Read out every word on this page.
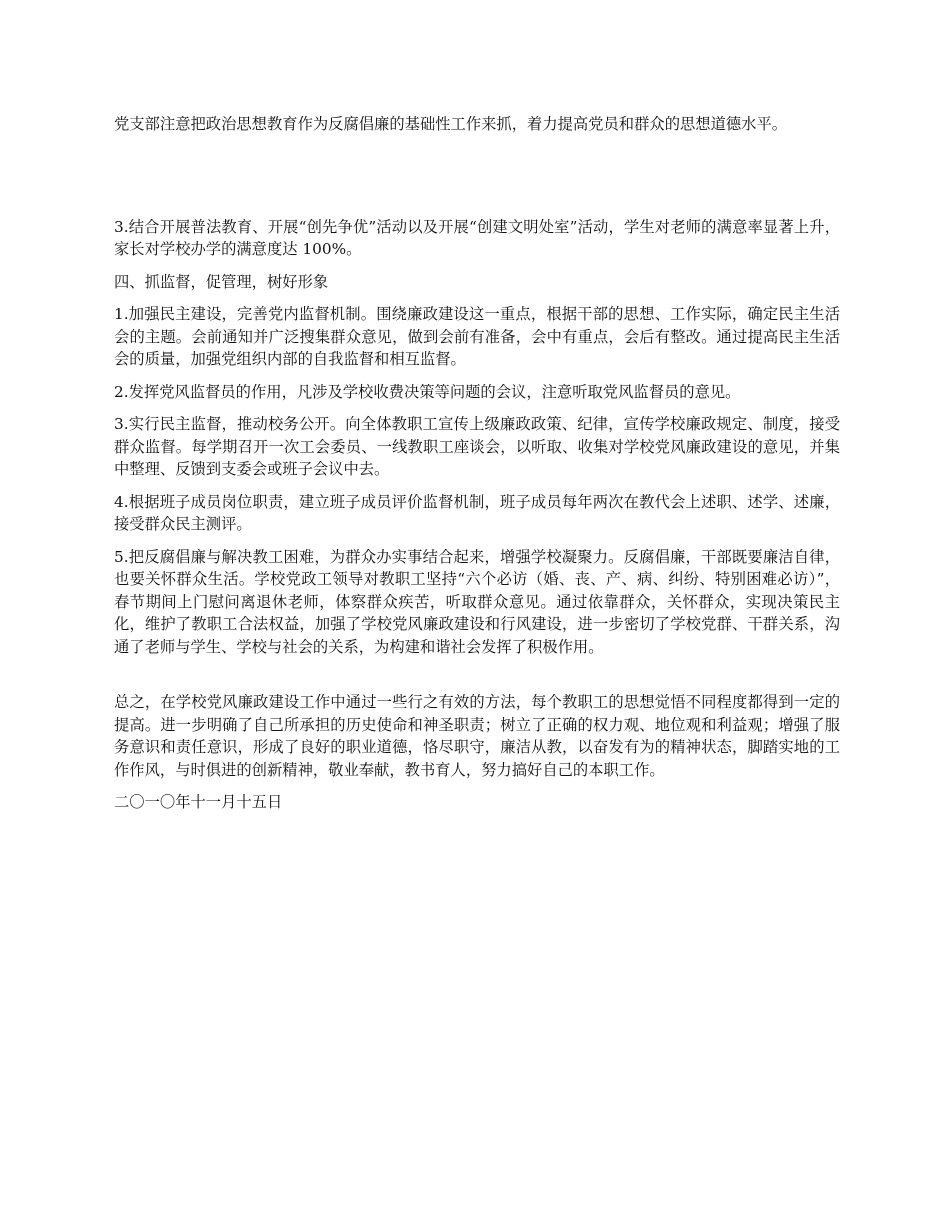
党支部注意把政治思想教育作为反腐倡廉的基础性工作来抓，着力提高党员和群众的思想道德水平。

3.结合开展普法教育、开展“创先争优”活动以及开展“创建文明处室”活动，学生对老师的满意率显著上升，家长对学校办学的满意度达 100%。

四、抓监督，促管理，树好形象

1.加强民主建设，完善党内监督机制。围绕廉政建设这一重点，根据干部的思想、工作实际，确定民主生活会的主题。会前通知并广泛搜集群众意见，做到会前有准备，会中有重点，会后有整改。通过提高民主生活会的质量，加强党组织内部的自我监督和相互监督。

2.发挥党风监督员的作用，凡涉及学校收费决策等问题的会议，注意听取党风监督员的意见。

3.实行民主监督，推动校务公开。向全体教职工宣传上级廉政政策、纪律，宣传学校廉政规定、制度，接受群众监督。每学期召开一次工会委员、一线教职工座谈会，以听取、收集对学校党风廉政建设的意见，并集中整理、反馈到支委会或班子会议中去。

4.根据班子成员岗位职责，建立班子成员评价监督机制，班子成员每年两次在教代会上述职、述学、述廉，接受群众民主测评。

5.把反腐倡廉与解决教工困难，为群众办实事结合起来，增强学校凝聚力。反腐倡廉，干部既要廉洁自律，也要关怀群众生活。学校党政工领导对教职工坚持“六个必访（婚、丧、产、病、纠纷、特别困难必访）”，春节期间上门慰问离退休老师，体察群众疾苦，听取群众意见。通过依靠群众，关怀群众，实现决策民主化，维护了教职工合法权益，加强了学校党风廉政建设和行风建设，进一步密切了学校党群、干群关系，沟通了老师与学生、学校与社会的关系，为构建和谐社会发挥了积极作用。

总之，在学校党风廉政建设工作中通过一些行之有效的方法，每个教职工的思想觉悟不同程度都得到一定的提高。进一步明确了自己所承担的历史使命和神圣职责；树立了正确的权力观、地位观和利益观；增强了服务意识和责任意识，形成了良好的职业道德，恪尽职守，廉洁从教，以奋发有为的精神状态，脚踏实地的工作作风，与时俱进的创新精神，敬业奉献，教书育人，努力搞好自己的本职工作。

二〇一〇年十一月十五日
